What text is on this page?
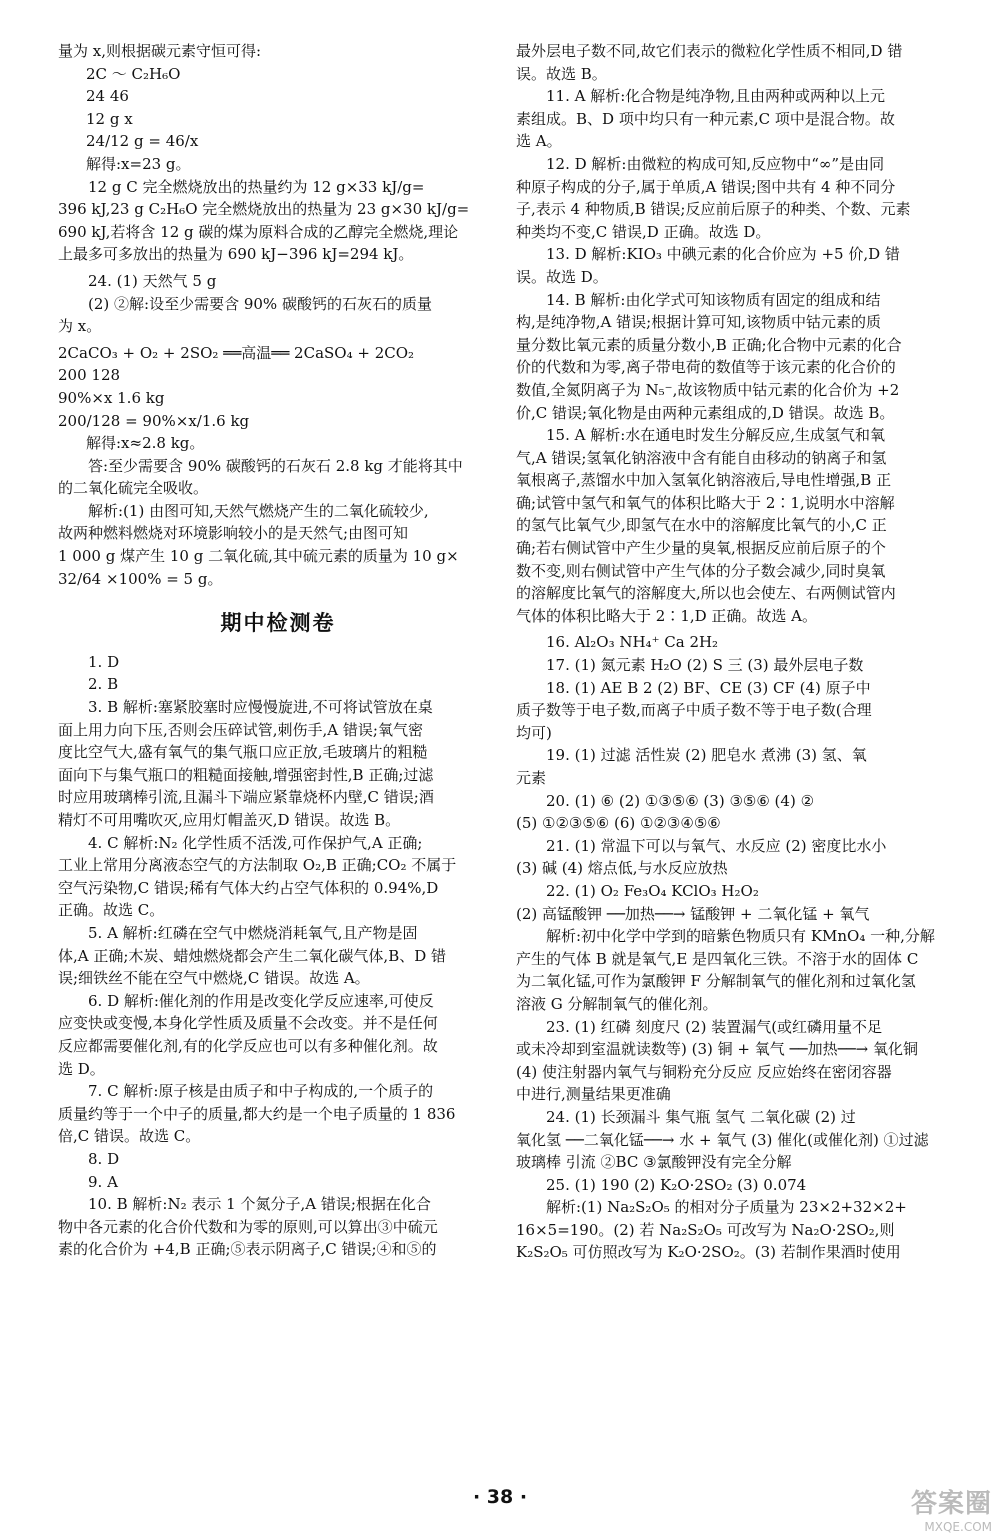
量为 x,则根据碳元素守恒可得:

2C ～ C₂H₆O

24 46

12 g x

24/12 g = 46/x

解得:x=23 g。

12 g C 完全燃烧放出的热量约为 12 g×33 kJ/g=

396 kJ,23 g C₂H₆O 完全燃烧放出的热量为 23 g×30 kJ/g=

690 kJ,若将含 12 g 碳的煤为原料合成的乙醇完全燃烧,理论

上最多可多放出的热量为 690 kJ−396 kJ=294 kJ。

24. (1) 天然气 5 g

(2) ②解:设至少需要含 90% 碳酸钙的石灰石的质量

为 x。

2CaCO₃ + O₂ + 2SO₂ ══高温══ 2CaSO₄ + 2CO₂

200 128

90%×x 1.6 kg

200/128 = 90%×x/1.6 kg

解得:x≈2.8 kg。

答:至少需要含 90% 碳酸钙的石灰石 2.8 kg 才能将其中

的二氧化硫完全吸收。

解析:(1) 由图可知,天然气燃烧产生的二氧化硫较少,

故两种燃料燃烧对环境影响较小的是天然气;由图可知

1 000 g 煤产生 10 g 二氧化硫,其中硫元素的质量为 10 g×

32/64 ×100% = 5 g。

期中检测卷

1. D

2. B

3. B 解析:塞紧胶塞时应慢慢旋进,不可将试管放在桌

面上用力向下压,否则会压碎试管,刺伤手,A 错误;氧气密

度比空气大,盛有氧气的集气瓶口应正放,毛玻璃片的粗糙

面向下与集气瓶口的粗糙面接触,增强密封性,B 正确;过滤

时应用玻璃棒引流,且漏斗下端应紧靠烧杯内壁,C 错误;酒

精灯不可用嘴吹灭,应用灯帽盖灭,D 错误。故选 B。

4. C 解析:N₂ 化学性质不活泼,可作保护气,A 正确;

工业上常用分离液态空气的方法制取 O₂,B 正确;CO₂ 不属于

空气污染物,C 错误;稀有气体大约占空气体积的 0.94%,D

正确。故选 C。

5. A 解析:红磷在空气中燃烧消耗氧气,且产物是固

体,A 正确;木炭、蜡烛燃烧都会产生二氧化碳气体,B、D 错

误;细铁丝不能在空气中燃烧,C 错误。故选 A。

6. D 解析:催化剂的作用是改变化学反应速率,可使反

应变快或变慢,本身化学性质及质量不会改变。并不是任何

反应都需要催化剂,有的化学反应也可以有多种催化剂。故

选 D。

7. C 解析:原子核是由质子和中子构成的,一个质子的

质量约等于一个中子的质量,都大约是一个电子质量的 1 836

倍,C 错误。故选 C。

8. D

9. A

10. B 解析:N₂ 表示 1 个氮分子,A 错误;根据在化合

物中各元素的化合价代数和为零的原则,可以算出③中硫元

素的化合价为 +4,B 正确;⑤表示阴离子,C 错误;④和⑤的

最外层电子数不同,故它们表示的微粒化学性质不相同,D 错

误。故选 B。

11. A 解析:化合物是纯净物,且由两种或两种以上元

素组成。B、D 项中均只有一种元素,C 项中是混合物。故

选 A。

12. D 解析:由微粒的构成可知,反应物中“∞”是由同

种原子构成的分子,属于单质,A 错误;图中共有 4 种不同分

子,表示 4 种物质,B 错误;反应前后原子的种类、个数、元素

种类均不变,C 错误,D 正确。故选 D。

13. D 解析:KIO₃ 中碘元素的化合价应为 +5 价,D 错

误。故选 D。

14. B 解析:由化学式可知该物质有固定的组成和结

构,是纯净物,A 错误;根据计算可知,该物质中钴元素的质

量分数比氧元素的质量分数小,B 正确;化合物中元素的化合

价的代数和为零,离子带电荷的数值等于该元素的化合价的

数值,全氮阴离子为 N₅⁻,故该物质中钴元素的化合价为 +2

价,C 错误;氧化物是由两种元素组成的,D 错误。故选 B。

15. A 解析:水在通电时发生分解反应,生成氢气和氧

气,A 错误;氢氧化钠溶液中含有能自由移动的钠离子和氢

氧根离子,蒸馏水中加入氢氧化钠溶液后,导电性增强,B 正

确;试管中氢气和氧气的体积比略大于 2∶1,说明水中溶解

的氢气比氧气少,即氢气在水中的溶解度比氧气的小,C 正

确;若右侧试管中产生少量的臭氧,根据反应前后原子的个

数不变,则右侧试管中产生气体的分子数会减少,同时臭氧

的溶解度比氧气的溶解度大,所以也会使左、右两侧试管内

气体的体积比略大于 2∶1,D 正确。故选 A。

16. Al₂O₃ NH₄⁺ Ca 2H₂

17. (1) 氮元素 H₂O (2) S 三 (3) 最外层电子数

18. (1) AE B 2 (2) BF、CE (3) CF (4) 原子中

质子数等于电子数,而离子中质子数不等于电子数(合理

均可)

19. (1) 过滤 活性炭 (2) 肥皂水 煮沸 (3) 氢、氧

元素

20. (1) ⑥ (2) ①③⑤⑥ (3) ③⑤⑥ (4) ②

(5) ①②③⑤⑥ (6) ①②③④⑤⑥

21. (1) 常温下可以与氧气、水反应 (2) 密度比水小

(3) 碱 (4) 熔点低,与水反应放热

22. (1) O₂ Fe₃O₄ KClO₃ H₂O₂

(2) 高锰酸钾 ──加热──→ 锰酸钾 + 二氧化锰 + 氧气

解析:初中化学中学到的暗紫色物质只有 KMnO₄ 一种,分解

产生的气体 B 就是氧气,E 是四氧化三铁。不溶于水的固体 C

为二氧化锰,可作为氯酸钾 F 分解制氧气的催化剂和过氧化氢

溶液 G 分解制氧气的催化剂。

23. (1) 红磷 刻度尺 (2) 装置漏气(或红磷用量不足

或未冷却到室温就读数等) (3) 铜 + 氧气 ──加热──→ 氧化铜

(4) 使注射器内氧气与铜粉充分反应 反应始终在密闭容器

中进行,测量结果更准确

24. (1) 长颈漏斗 集气瓶 氢气 二氧化碳 (2) 过

氧化氢 ──二氧化锰──→ 水 + 氧气 (3) 催化(或催化剂) ①过滤

玻璃棒 引流 ②BC ③氯酸钾没有完全分解

25. (1) 190 (2) K₂O·2SO₂ (3) 0.074

解析:(1) Na₂S₂O₅ 的相对分子质量为 23×2+32×2+

16×5=190。(2) 若 Na₂S₂O₅ 可改写为 Na₂O·2SO₂,则

K₂S₂O₅ 可仿照改写为 K₂O·2SO₂。(3) 若制作果酒时使用

· 38 ·	答案圈
MXQE.COM
